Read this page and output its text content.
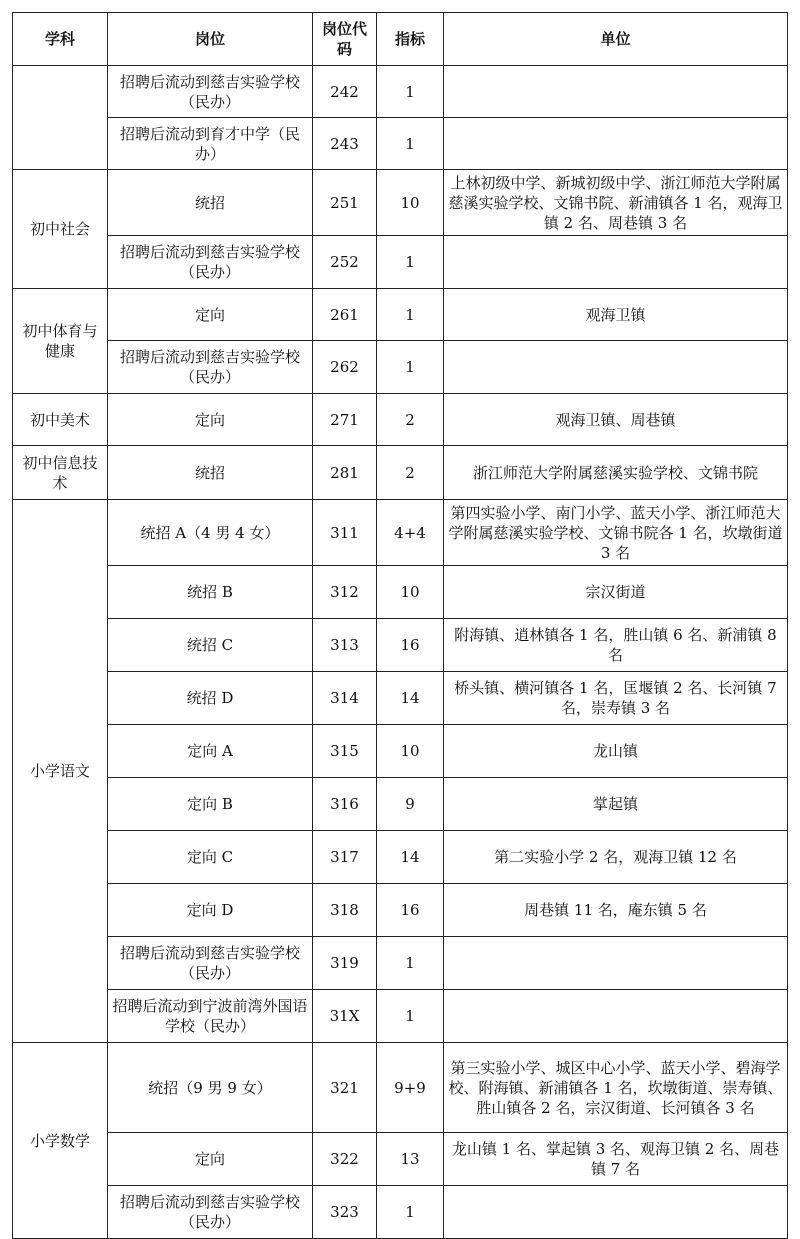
学科	岗位	岗位代码	指标	单位
	招聘后流动到慈吉实验学校（民办）	242	1	
	招聘后流动到育才中学（民办）	243	1	
初中社会	统招	251	10	上林初级中学、新城初级中学、浙江师范大学附属慈溪实验学校、文锦书院、新浦镇各 1 名，观海卫镇 2 名、周巷镇 3 名
	招聘后流动到慈吉实验学校（民办）	252	1	
初中体育与健康	定向	261	1	观海卫镇
	招聘后流动到慈吉实验学校（民办）	262	1	
初中美术	定向	271	2	观海卫镇、周巷镇
初中信息技术	统招	281	2	浙江师范大学附属慈溪实验学校、文锦书院
小学语文	统招 A（4 男 4 女）	311	4+4	第四实验小学、南门小学、蓝天小学、浙江师范大学附属慈溪实验学校、文锦书院各 1 名，坎墩街道 3 名
	统招 B	312	10	宗汉街道
	统招 C	313	16	附海镇、逍林镇各 1 名，胜山镇 6 名、新浦镇 8 名
	统招 D	314	14	桥头镇、横河镇各 1 名，匡堰镇 2 名、长河镇 7 名，崇寿镇 3 名
	定向 A	315	10	龙山镇
	定向 B	316	9	掌起镇
	定向 C	317	14	第二实验小学 2 名，观海卫镇 12 名
	定向 D	318	16	周巷镇 11 名，庵东镇 5 名
	招聘后流动到慈吉实验学校（民办）	319	1	
	招聘后流动到宁波前湾外国语学校（民办）	31X	1	
小学数学	统招（9 男 9 女）	321	9+9	第三实验小学、城区中心小学、蓝天小学、碧海学校、附海镇、新浦镇各 1 名，坎墩街道、崇寿镇、胜山镇各 2 名，宗汉街道、长河镇各 3 名
	定向	322	13	龙山镇 1 名、掌起镇 3 名、观海卫镇 2 名、周巷镇 7 名
	招聘后流动到慈吉实验学校（民办）	323	1	
